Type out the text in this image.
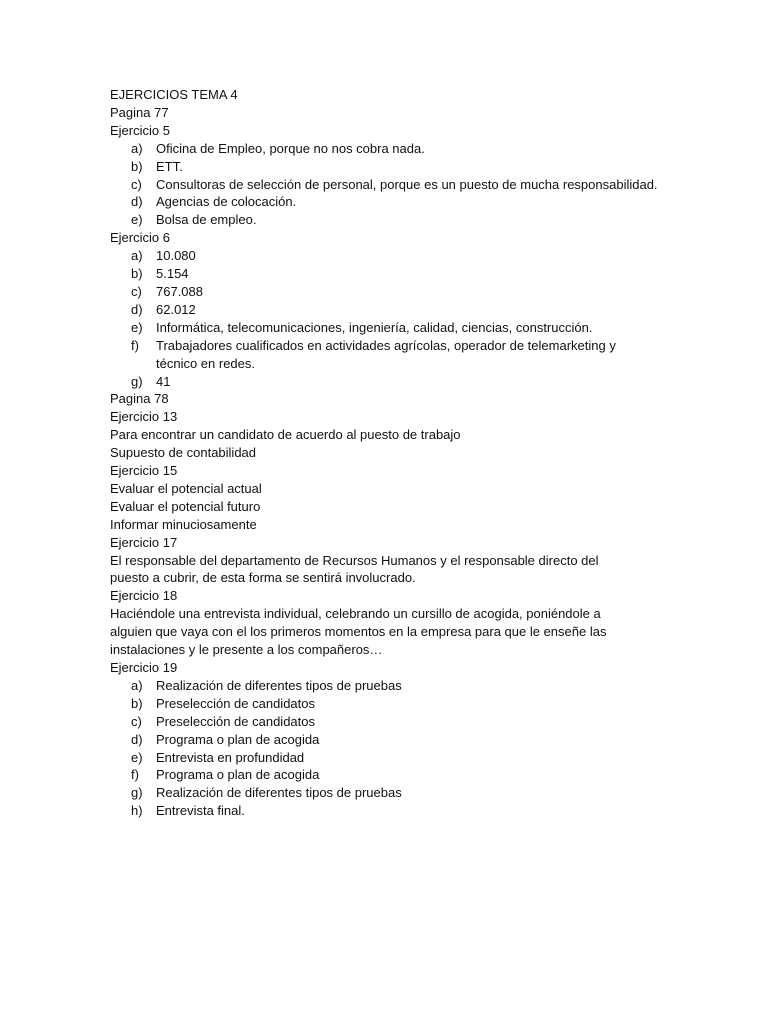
EJERCICIOS TEMA 4
Pagina 77
Ejercicio 5
a) Oficina de Empleo, porque no nos cobra nada.
b) ETT.
c) Consultoras de selección de personal, porque es un puesto de mucha responsabilidad.
d) Agencias de colocación.
e) Bolsa de empleo.
Ejercicio 6
a) 10.080
b) 5.154
c) 767.088
d) 62.012
e) Informática, telecomunicaciones, ingeniería, calidad, ciencias, construcción.
f) Trabajadores cualificados en actividades agrícolas, operador de telemarketing y técnico en redes.
g) 41
Pagina 78
Ejercicio 13
Para encontrar un candidato de acuerdo al puesto de trabajo
Supuesto de contabilidad
Ejercicio 15
Evaluar el potencial actual
Evaluar el potencial futuro
Informar minuciosamente
Ejercicio 17
El responsable del departamento de Recursos Humanos y el responsable directo del puesto a cubrir, de esta forma se sentirá involucrado.
Ejercicio 18
Haciéndole una entrevista individual, celebrando un cursillo de acogida, poniéndole a alguien que vaya con el los primeros momentos en la empresa para que le enseñe las instalaciones y le presente a los compañeros…
Ejercicio 19
a) Realización de diferentes tipos de pruebas
b) Preselección de candidatos
c) Preselección de candidatos
d) Programa o plan de acogida
e) Entrevista en profundidad
f) Programa o plan de acogida
g) Realización de diferentes tipos de pruebas
h) Entrevista final.
